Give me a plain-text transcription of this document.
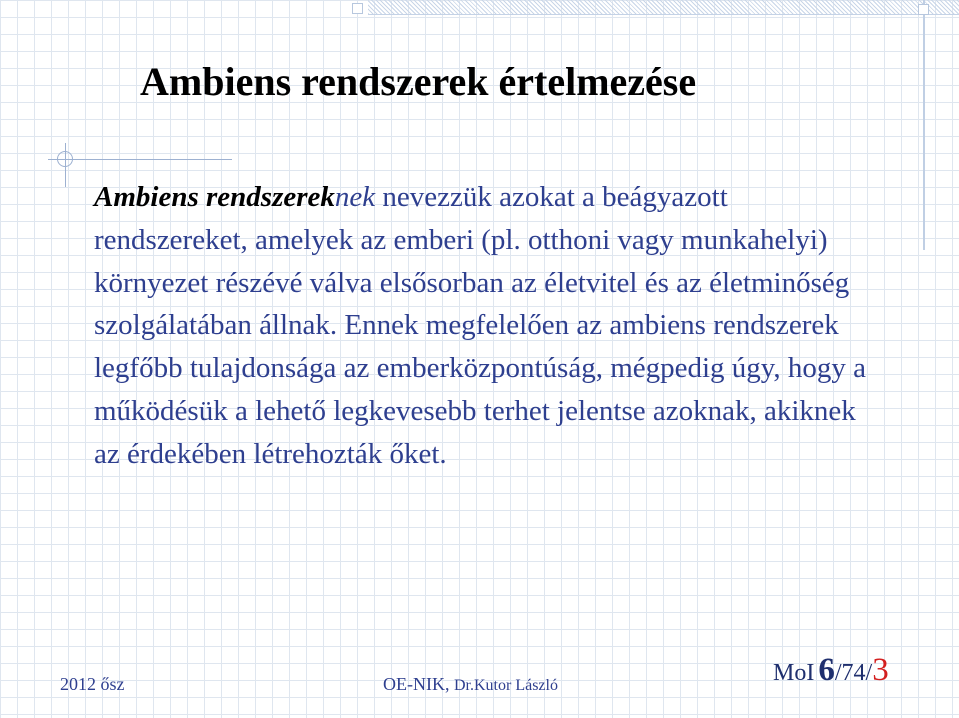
Ambiens rendszerek értelmezése

Ambiens rendszereknek nevezzük azokat a beágyazott rendszereket, amelyek az emberi (pl. otthoni vagy munkahelyi) környezet részévé válva elsősorban az életvitel és az életminőség szolgálatában állnak. Ennek megfelelően az ambiens rendszerek legfőbb tulajdonsága az emberközpontúság, mégpedig úgy, hogy a működésük a lehető legkevesebb terhet jelentse azoknak, akiknek az érdekében létrehozták őket.

2012 ősz	OE-NIK, Dr.Kutor László	MoI 6/74/3
